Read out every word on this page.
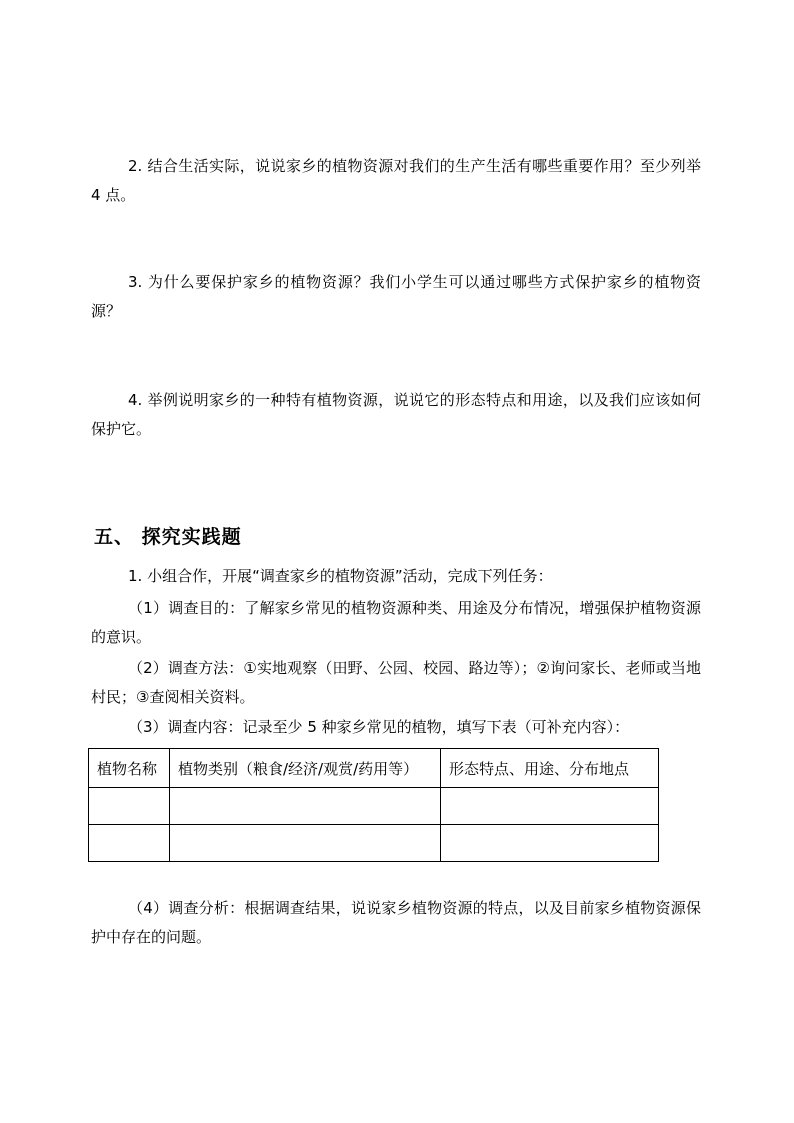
2. 结合生活实际，说说家乡的植物资源对我们的生产生活有哪些重要作用？至少列举 4 点。

3. 为什么要保护家乡的植物资源？我们小学生可以通过哪些方式保护家乡的植物资源？

4. 举例说明家乡的一种特有植物资源，说说它的形态特点和用途，以及我们应该如何保护它。

五、 探究实践题

1. 小组合作，开展“调查家乡的植物资源”活动，完成下列任务：

（1）调查目的：了解家乡常见的植物资源种类、用途及分布情况，增强保护植物资源的意识。

（2）调查方法：①实地观察（田野、公园、校园、路边等）；②询问家长、老师或当地村民；③查阅相关资料。

（3）调查内容：记录至少 5 种家乡常见的植物，填写下表（可补充内容）：

植物名称	植物类别（粮食/经济/观赏/药用等）	形态特点、用途、分布地点

（4）调查分析：根据调查结果，说说家乡植物资源的特点，以及目前家乡植物资源保护中存在的问题。
